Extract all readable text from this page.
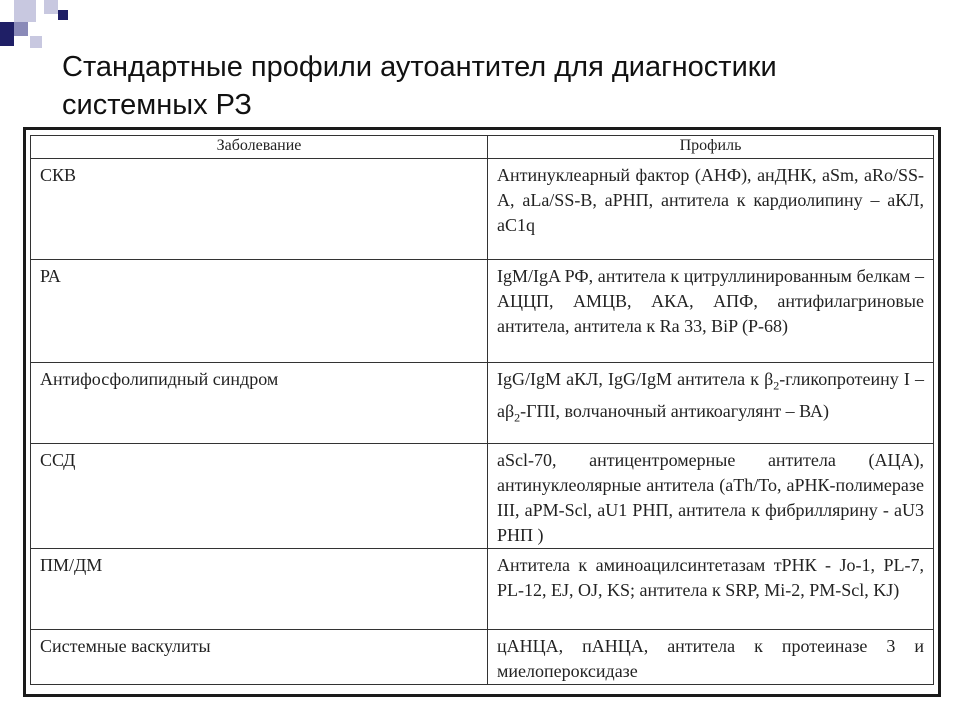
Стандартные профили аутоантител для диагностики
системных РЗ
Заболевание	Профиль
СКВ	Антинуклеарный фактор (АНФ), анДНК, aSm, aRo/SS-A, aLa/SS-B, аРНП, антитела к кардиолипину – аКЛ, аС1q
РА	IgM/IgA РФ, антитела к цитруллинированным белкам – АЦЦП, АМЦВ, АКА, АПФ, антифилагриновые антитела, антитела к Ra 33, BiP (P-68)
Антифосфолипидный синдром	IgG/IgM аКЛ, IgG/IgM антитела к $\beta_2$-гликопротеину I – $а\beta_2$-ГПI, волчаночный антикоагулянт – ВА)
ССД	aScl-70, антицентромерные антитела (АЦА), антинуклеолярные антитела (aTh/To, аРНК-полимеразе III, aPM-Scl, aU1 РНП, антитела к фибриллярину - aU3 РНП )
ПМ/ДМ	Антитела к аминоацилсинтетазам тРНК - Jo-1, PL-7, PL-12, EJ, OJ, KS; антитела к SRP, Mi-2, PM-Scl, KJ)
Системные васкулиты	цАНЦА, пАНЦА, антитела к протеиназе 3 и миелопероксидазе
